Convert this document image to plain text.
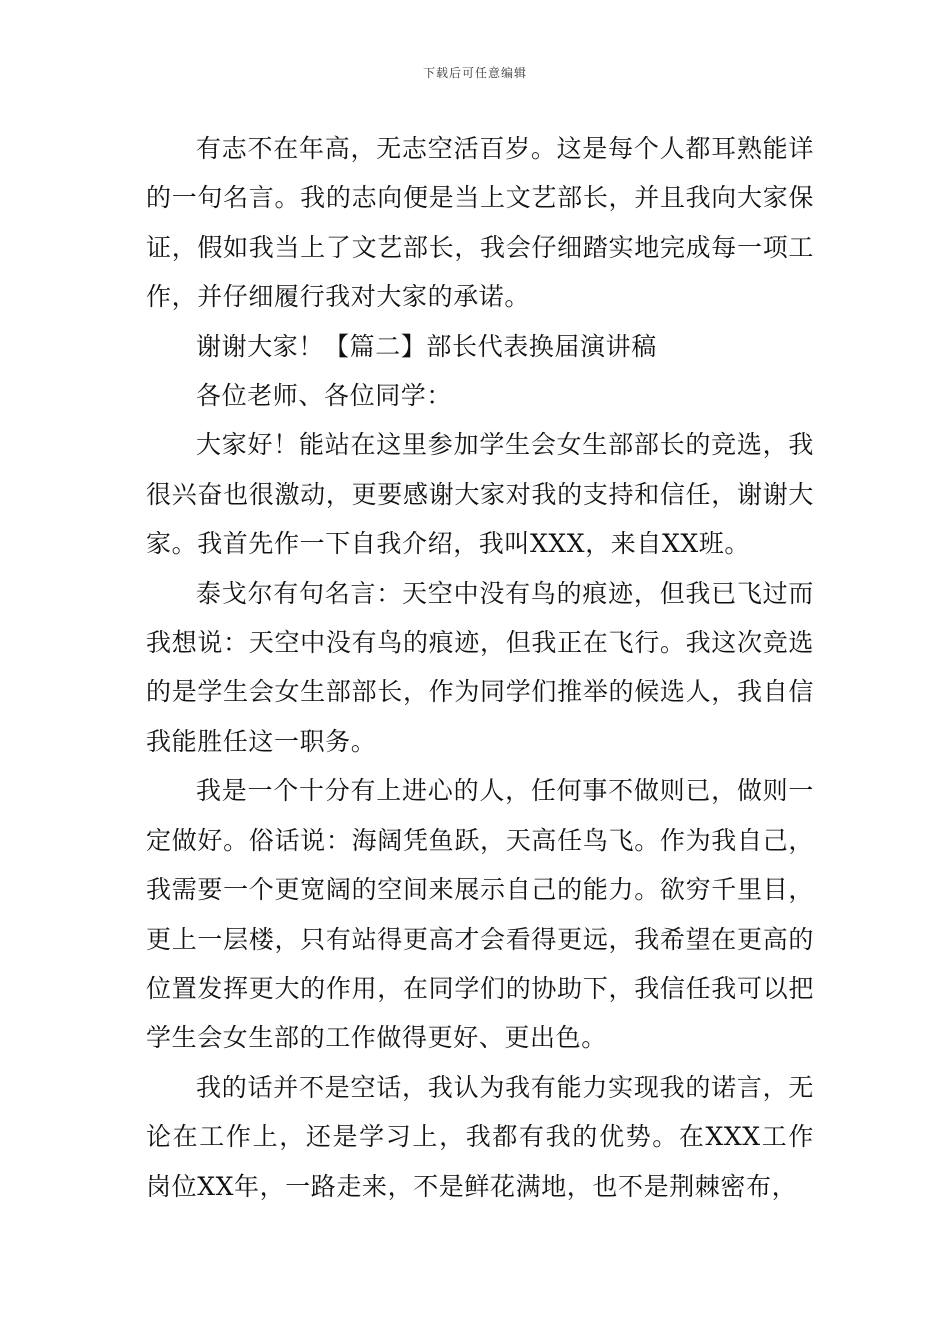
下载后可任意编辑

有志不在年高，无志空活百岁。这是每个人都耳熟能详的一句名言。我的志向便是当上文艺部长，并且我向大家保证，假如我当上了文艺部长，我会仔细踏实地完成每一项工作，并仔细履行我对大家的承诺。

谢谢大家！【篇二】部长代表换届演讲稿

各位老师、各位同学：

大家好！能站在这里参加学生会女生部部长的竞选，我很兴奋也很激动，更要感谢大家对我的支持和信任，谢谢大家。我首先作一下自我介绍，我叫XXX，来自XX班。

泰戈尔有句名言：天空中没有鸟的痕迹，但我已飞过而我想说：天空中没有鸟的痕迹，但我正在飞行。我这次竞选的是学生会女生部部长，作为同学们推举的候选人，我自信我能胜任这一职务。

我是一个十分有上进心的人，任何事不做则已，做则一定做好。俗话说：海阔凭鱼跃，天高任鸟飞。作为我自己，我需要一个更宽阔的空间来展示自己的能力。欲穷千里目，更上一层楼，只有站得更高才会看得更远，我希望在更高的位置发挥更大的作用，在同学们的协助下，我信任我可以把学生会女生部的工作做得更好、更出色。

我的话并不是空话，我认为我有能力实现我的诺言，无论在工作上，还是学习上，我都有我的优势。在XXX工作岗位XX年，一路走来，不是鲜花满地，也不是荆棘密布，
